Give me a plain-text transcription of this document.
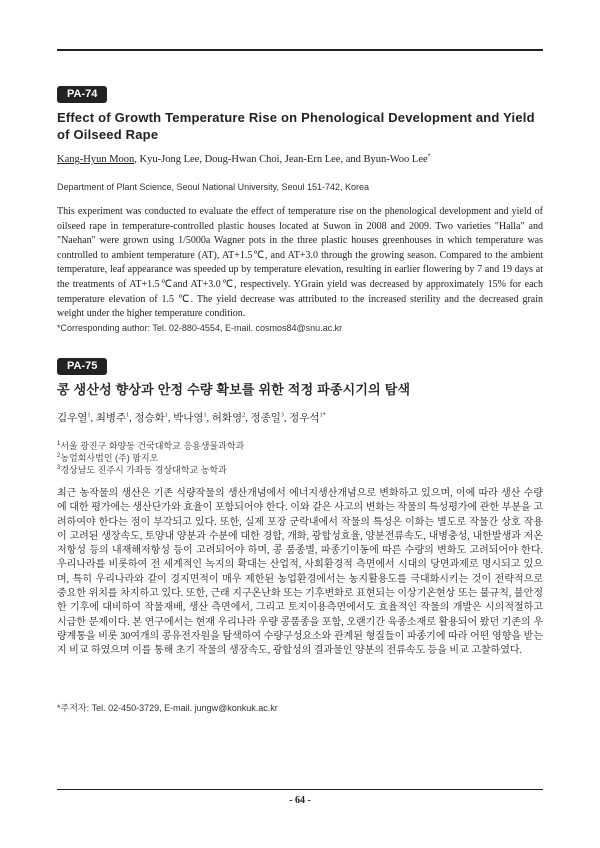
PA-74
Effect of Growth Temperature Rise on Phenological Development and Yield of Oilseed Rape
Kang-Hyun Moon, Kyu-Jong Lee, Doug-Hwan Choi, Jean-Ern Lee, and Byun-Woo Lee*
Department of Plant Science, Seoul National University, Seoul 151-742, Korea
This experiment was conducted to evaluate the effect of temperature rise on the phenological development and yield of oilseed rape in temperature-controlled plastic houses located at Suwon in 2008 and 2009. Two varieties "Halla" and "Naehan" were grown using 1/5000a Wagner pots in the three plastic houses greenhouses in which temperature was controlled to ambient temperature (AT), AT+1.5℃, and AT+3.0 through the growing season. Compared to the ambient temperature, leaf appearance was speeded up by temperature elevation, resulting in earlier flowering by 7 and 19 days at the treatments of AT+1.5℃and AT+3.0℃, respectively. YGrain yield was decreased by approximately 15% for each temperature elevation of 1.5 ℃. The yield decrease was attributed to the increased sterility and the decreased grain weight under the higher temperature condition.
*Corresponding author: Tel. 02-880-4554, E-mail. cosmos84@snu.ac.kr
PA-75
콩 생산성 향상과 안정 수량 확보를 위한 적정 파종시기의 탐색
김우열$^1$, 최병주$^1$, 정승화$^1$, 박나영$^1$, 허화영$^2$, 정종일$^3$, 정우석$^{1*}$
$^1$서울 광진구 화양동 건국대학교 응용생물과학과
$^2$농업회사법인 (주) 팜지오
$^3$경상남도 진주시 가좌동 경상대학교 농학과
최근 농작물의 생산은 기존 식량작물의 생산개념에서 에너지생산개념으로 변화하고 있으며, 이에 따라 생산 수량에 대한 평가에는 생산단가와 효율이 포함되어야 한다. 이와 같은 사고의 변화는 작물의 특성평가에 관한 부분을 고려하여야 한다는 점이 부각되고 있다. 또한, 실제 포장 군락내에서 작물의 특성은 이화는 별도로 작물간 상호 작용이 고려된 생장속도, 토양내 양분과 수분에 대한 경합, 개화, 광합성효율, 양분전류속도, 내병충성, 내한발생과 저온저항성 등의 내재해저항성 등이 고려되어야 하며, 콩 품종별, 파종기이동에 따른 수량의 변화도 고려되어야 한다. 우리나라를 비롯하여 전 세계적인 녹지의 확대는 산업적, 사회환경적 측면에서 시대의 당면과제로 명시되고 있으며, 특히 우리나라와 같이 경지면적이 매우 제한된 농업환경에서는 농지활용도를 극대화시키는 것이 전략적으로 중요한 위치를 차지하고 있다. 또한, 근래 지구온난화 또는 기후변화로 표현되는 이상기온현상 또는 불규칙, 불안정한 기후에 대비하여 작물재배, 생산 측면에서, 그리고 토지이용측면에서도 효율적인 작물의 개발은 시의적절하고 시급한 문제이다. 본 연구에서는 현재 우리나라 우량 콩품종을 포함, 오랜기간 육종소재로 활용되어 왔던 기존의 우량계통을 비롯 30여개의 콩유전자원을 탐색하여 수량구성요소와 관계된 형질들이 파종기에 따라 어떤 영향을 받는지 비교 하였으며 이를 통해 초기 작물의 생장속도, 광합성의 결과물인 양분의 전류속도 등을 비교 고찰하였다.
*주저자: Tel. 02-450-3729, E-mail. jungw@konkuk.ac.kr
- 64 -
